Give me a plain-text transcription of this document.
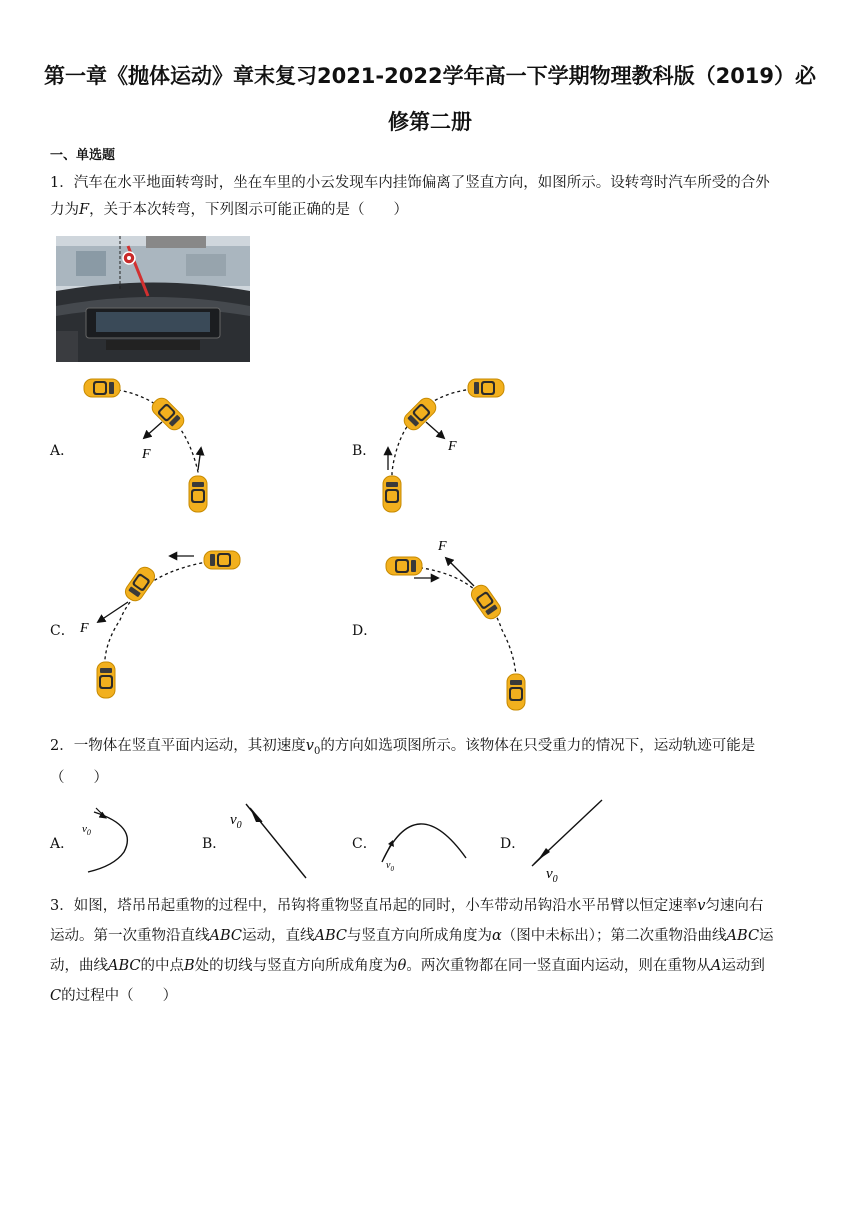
第一章《抛体运动》章末复习2021-2022学年高一下学期物理教科版（2019）必
修第二册
一、单选题
1．汽车在水平地面转弯时，坐在车里的小云发现车内挂饰偏离了竖直方向，如图所示。设转弯时汽车所受的合外
力为F，关于本次转弯，下列图示可能正确的是（　　）
A．	B．
C．	D．
F
F
F
F
2．一物体在竖直平面内运动，其初速度$v_0$的方向如选项图所示。该物体在只受重力的情况下，运动轨迹可能是
（　　）
A．	B．	C．	D．
$v_0$
$v_0$
$v_0$	$v_0$
3．如图，塔吊吊起重物的过程中，吊钩将重物竖直吊起的同时，小车带动吊钩沿水平吊臂以恒定速率v匀速向右
运动。第一次重物沿直线ABC运动，直线ABC与竖直方向所成角度为α（图中未标出）；第二次重物沿曲线ABC运
动，曲线ABC的中点B处的切线与竖直方向所成角度为θ。两次重物都在同一竖直面内运动，则在重物从A运动到
C的过程中（　　）
